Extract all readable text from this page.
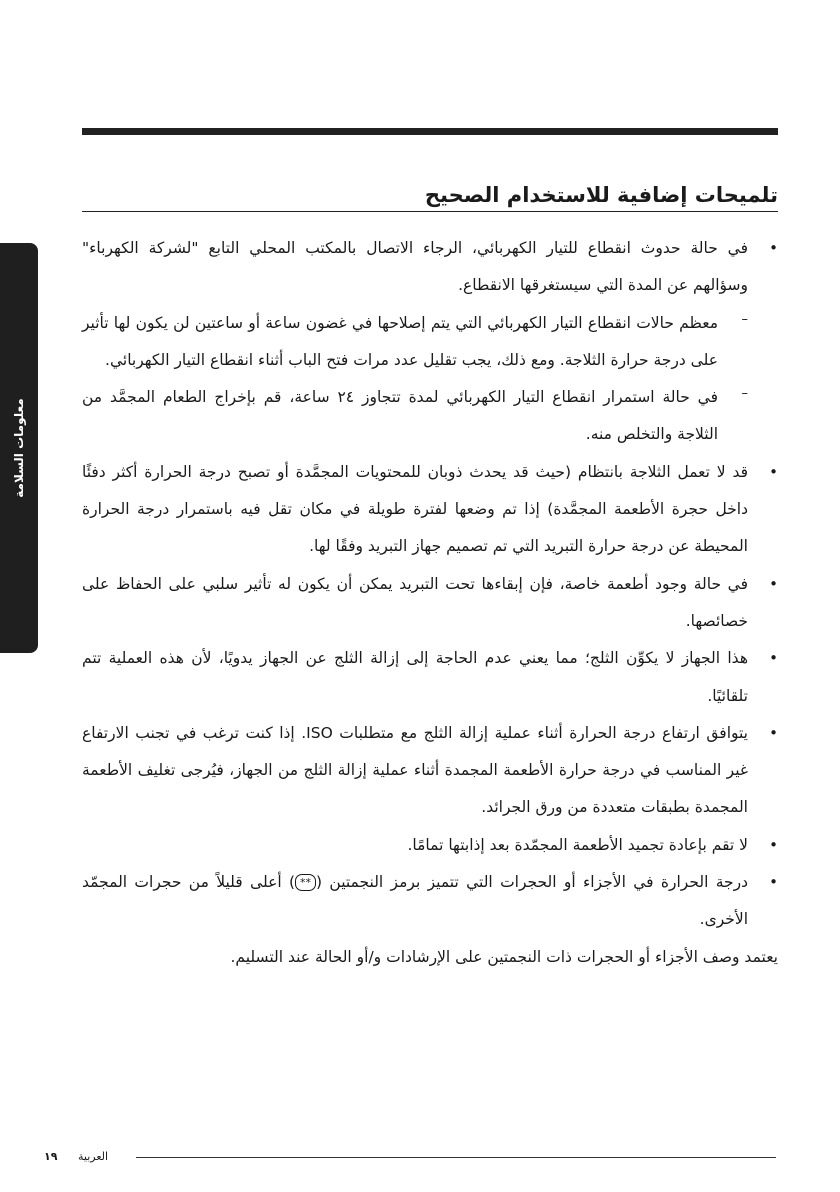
معلومات السلامة
تلميحات إضافية للاستخدام الصحيح
• في حالة حدوث انقطاع للتيار الكهربائي، الرجاء الاتصال بالمكتب المحلي التابع "لشركة الكهرباء" وسؤالهم عن المدة التي سيستغرقها الانقطاع.
– معظم حالات انقطاع التيار الكهربائي التي يتم إصلاحها في غضون ساعة أو ساعتين لن يكون لها تأثير على درجة حرارة الثلاجة. ومع ذلك، يجب تقليل عدد مرات فتح الباب أثناء انقطاع التيار الكهربائي.
– في حالة استمرار انقطاع التيار الكهربائي لمدة تتجاوز ٢٤ ساعة، قم بإخراج الطعام المجمَّد من الثلاجة والتخلص منه.
• قد لا تعمل الثلاجة بانتظام (حيث قد يحدث ذوبان للمحتويات المجمَّدة أو تصبح درجة الحرارة أكثر دفئًا داخل حجرة الأطعمة المجمَّدة) إذا تم وضعها لفترة طويلة في مكان تقل فيه باستمرار درجة الحرارة المحيطة عن درجة حرارة التبريد التي تم تصميم جهاز التبريد وفقًا لها.
• في حالة وجود أطعمة خاصة، فإن إبقاءها تحت التبريد يمكن أن يكون له تأثير سلبي على الحفاظ على خصائصها.
• هذا الجهاز لا يكوِّن الثلج؛ مما يعني عدم الحاجة إلى إزالة الثلج عن الجهاز يدويًا، لأن هذه العملية تتم تلقائيًا.
• يتوافق ارتفاع درجة الحرارة أثناء عملية إزالة الثلج مع متطلبات ISO. إذا كنت ترغب في تجنب الارتفاع غير المناسب في درجة حرارة الأطعمة المجمدة أثناء عملية إزالة الثلج من الجهاز، فيُرجى تغليف الأطعمة المجمدة بطبقات متعددة من ورق الجرائد.
• لا تقم بإعادة تجميد الأطعمة المجمّدة بعد إذابتها تمامًا.
• درجة الحرارة في الأجزاء أو الحجرات التي تتميز برمز النجمتين (**) أعلى قليلاً من حجرات المجمّد الأخرى.

يعتمد وصف الأجزاء أو الحجرات ذات النجمتين على الإرشادات و/أو الحالة عند التسليم.

العربية
١٩
